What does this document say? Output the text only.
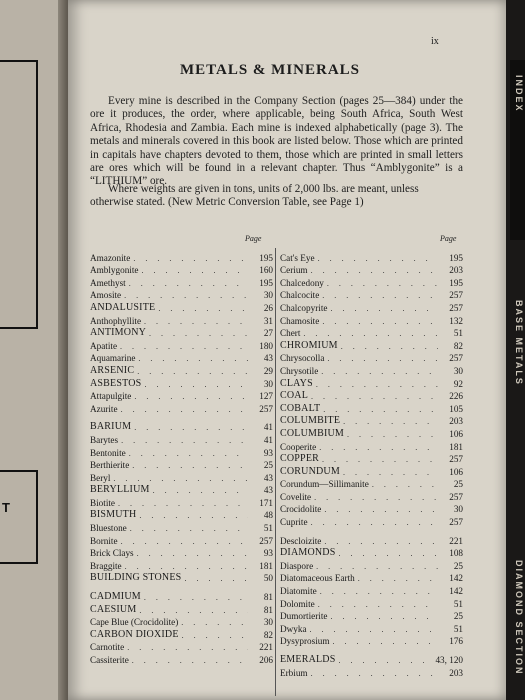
T
INDEX
BASE METALS
DIAMOND SECTION
ix
METALS & MINERALS

Every mine is described in the Company Section (pages 25—384) under the ore it produces, the order, where applicable, being South Africa, South West Africa, Rhodesia and Zambia. Each mine is indexed alphabetically (page 3). The metals and minerals covered in this book are listed below. Those which are printed in capitals have chapters devoted to them, those which are printed in small letters are ores which will be found in a relevant chapter. Thus “Amblygonite” is a “LITHIUM” ore.

Where weights are given in tons, units of 2,000 lbs. are meant, unless otherwise stated. (New Metric Conversion Table, see Page 1)

Page	Page
Amazonite . . .	195
Amblygonite . . .	160
Amethyst . . .	195
Amosite . . .	30
ANDALUSITE . . .	26
Anthophyllite . . .	31
ANTIMONY . . .	27
Apatite . . .	180
Aquamarine . . .	43
ARSENIC . . .	29
ASBESTOS . . .	30
Attapulgite . . .	127
Azurite . . .	257
BARIUM . . .	41
Barytes . . .	41
Bentonite . . .	93
Berthierite . . .	25
Beryl . . .	43
BERYLLIUM . . .	43
Biotite . . .	171
BISMUTH . . .	48
Bluestone . . .	51
Bornite . . .	257
Brick Clays . . .	93
Braggite . . .	181
BUILDING STONES . . .	50
CADMIUM . . .	81
CAESIUM . . .	81
Cape Blue (Crocidolite) . . .	30
CARBON DIOXIDE . . .	82
Carnotite . . .	221
Cassiterite . . .	206
Cat's Eye . . .	195
Cerium . . .	203
Chalcedony . . .	195
Chalcocite . . .	257
Chalcopyrite . . .	257
Chamosite . . .	132
Chert . . .	51
CHROMIUM . . .	82
Chrysocolla . . .	257
Chrysotile . . .	30
CLAYS . . .	92
COAL . . .	226
COBALT . . .	105
COLUMBITE . . .	203
COLUMBIUM . . .	106
Cooperite . . .	181
COPPER . . .	257
CORUNDUM . . .	106
Corundum—Sillimanite . . .	25
Covelite . . .	257
Crocidolite . . .	30
Cuprite . . .	257
Descloizite . . .	221
DIAMONDS . . .	108
Diaspore . . .	25
Diatomaceous Earth . . .	142
Diatomite . . .	142
Dolomite . . .	51
Dumortierite . . .	25
Dwyka . . .	51
Dysyprosium . . .	176
EMERALDS . . .	43, 120
Erbium . . .	203
